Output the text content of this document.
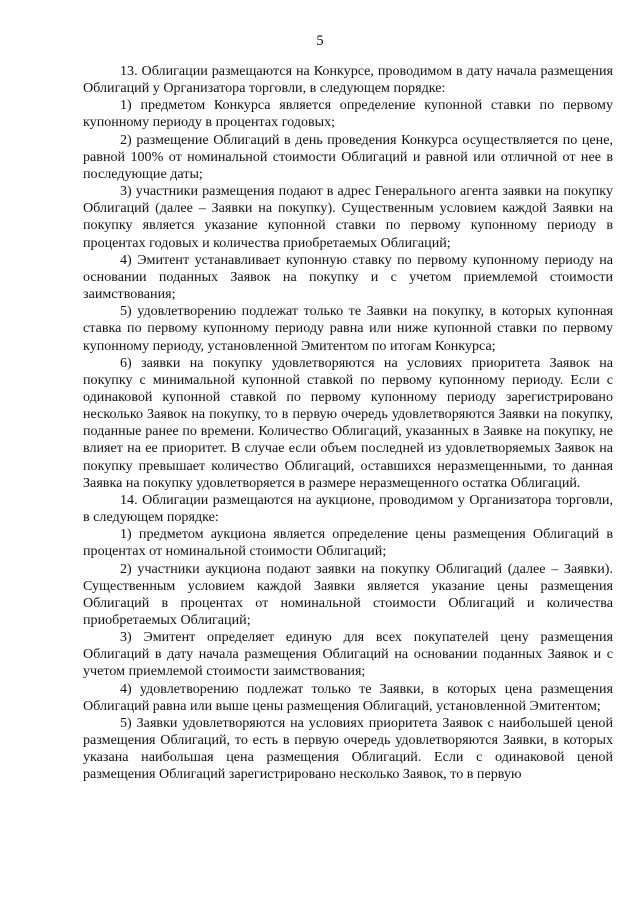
5

13. Облигации размещаются на Конкурсе, проводимом в дату начала размещения Облигаций у Организатора торговли, в следующем порядке:

1) предметом Конкурса является определение купонной ставки по первому купонному периоду в процентах годовых;

2) размещение Облигаций в день проведения Конкурса осуществляется по цене, равной 100% от номинальной стоимости Облигаций и равной или отличной от нее в последующие даты;

3) участники размещения подают в адрес Генерального агента заявки на покупку Облигаций (далее – Заявки на покупку). Существенным условием каждой Заявки на покупку является указание купонной ставки по первому купонному периоду в процентах годовых и количества приобретаемых Облигаций;

4) Эмитент устанавливает купонную ставку по первому купонному периоду на основании поданных Заявок на покупку и с учетом приемлемой стоимости заимствования;

5) удовлетворению подлежат только те Заявки на покупку, в которых купонная ставка по первому купонному периоду равна или ниже купонной ставки по первому купонному периоду, установленной Эмитентом по итогам Конкурса;

6) заявки на покупку удовлетворяются на условиях приоритета Заявок на покупку с минимальной купонной ставкой по первому купонному периоду. Если с одинаковой купонной ставкой по первому купонному периоду зарегистрировано несколько Заявок на покупку, то в первую очередь удовлетворяются Заявки на покупку, поданные ранее по времени. Количество Облигаций, указанных в Заявке на покупку, не влияет на ее приоритет. В случае если объем последней из удовлетворяемых Заявок на покупку превышает количество Облигаций, оставшихся неразмещенными, то данная Заявка на покупку удовлетворяется в размере неразмещенного остатка Облигаций.

14. Облигации размещаются на аукционе, проводимом у Организатора торговли, в следующем порядке:

1) предметом аукциона является определение цены размещения Облигаций в процентах от номинальной стоимости Облигаций;

2) участники аукциона подают заявки на покупку Облигаций (далее – Заявки). Существенным условием каждой Заявки является указание цены размещения Облигаций в процентах от номинальной стоимости Облигаций и количества приобретаемых Облигаций;

3) Эмитент определяет единую для всех покупателей цену размещения Облигаций в дату начала размещения Облигаций на основании поданных Заявок и с учетом приемлемой стоимости заимствования;

4) удовлетворению подлежат только те Заявки, в которых цена размещения Облигаций равна или выше цены размещения Облигаций, установленной Эмитентом;

5) Заявки удовлетворяются на условиях приоритета Заявок с наибольшей ценой размещения Облигаций, то есть в первую очередь удовлетворяются Заявки, в которых указана наибольшая цена размещения Облигаций. Если с одинаковой ценой размещения Облигаций зарегистрировано несколько Заявок, то в первую
